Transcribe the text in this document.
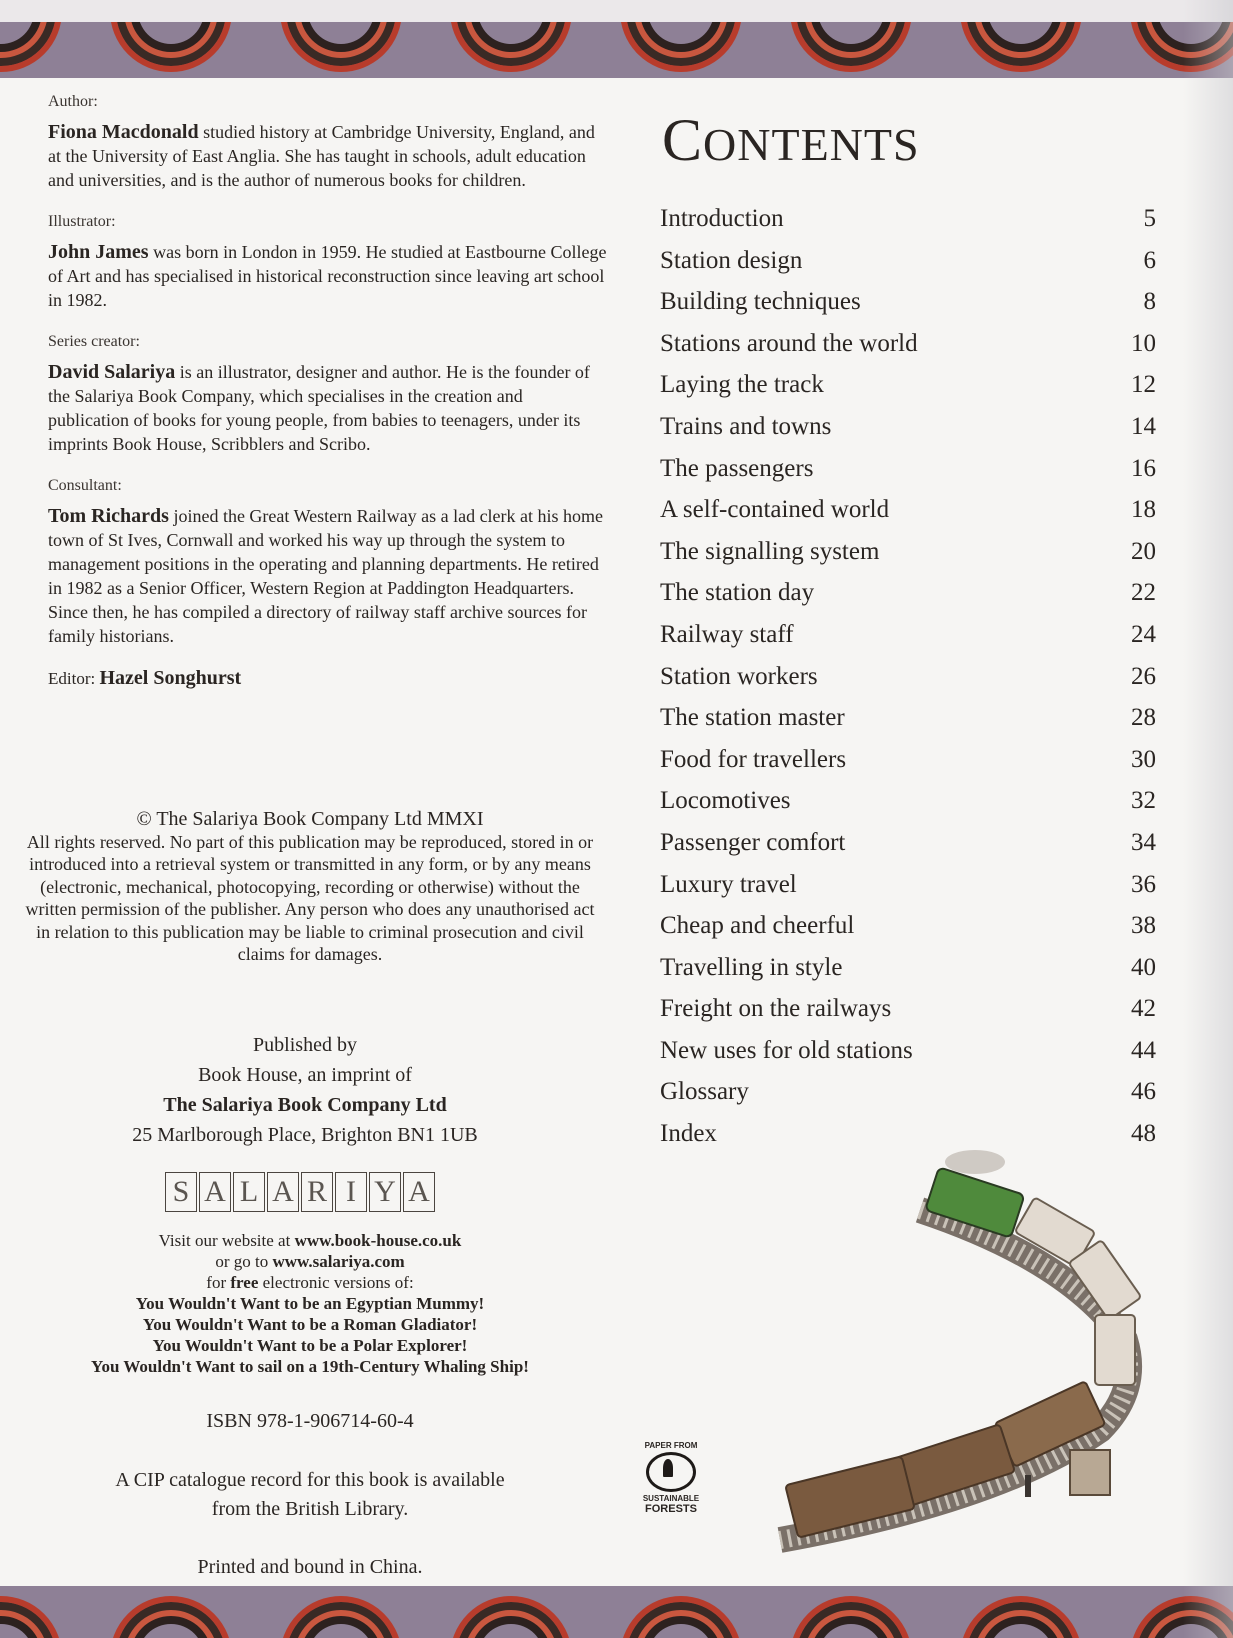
Author:

Fiona Macdonald studied history at Cambridge University, England, and at the University of East Anglia. She has taught in schools, adult education and universities, and is the author of numerous books for children.

Illustrator:

John James was born in London in 1959. He studied at Eastbourne College of Art and has specialised in historical reconstruction since leaving art school in 1982.

Series creator:

David Salariya is an illustrator, designer and author. He is the founder of the Salariya Book Company, which specialises in the creation and publication of books for young people, from babies to teenagers, under its imprints Book House, Scribblers and Scribo.

Consultant:

Tom Richards joined the Great Western Railway as a lad clerk at his home town of St Ives, Cornwall and worked his way up through the system to management positions in the operating and planning departments. He retired in 1982 as a Senior Officer, Western Region at Paddington Headquarters. Since then, he has compiled a directory of railway staff archive sources for family historians.

Editor: Hazel Songhurst

© The Salariya Book Company Ltd MMXI
All rights reserved. No part of this publication may be reproduced, stored in or introduced into a retrieval system or transmitted in any form, or by any means (electronic, mechanical, photocopying, recording or otherwise) without the written permission of the publisher. Any person who does any unauthorised act in relation to this publication may be liable to criminal prosecution and civil claims for damages.
Published by
Book House, an imprint of
The Salariya Book Company Ltd
25 Marlborough Place, Brighton BN1 1UB
S A L A R I Y A
Visit our website at www.book-house.co.uk
or go to www.salariya.com
for free electronic versions of:
You Wouldn't Want to be an Egyptian Mummy!
You Wouldn't Want to be a Roman Gladiator!
You Wouldn't Want to be a Polar Explorer!
You Wouldn't Want to sail on a 19th-Century Whaling Ship!
ISBN 978-1-906714-60-4
A CIP catalogue record for this book is available
from the British Library.
Printed and bound in China.
CONTENTS
Introduction	5
Station design	6
Building techniques	8
Stations around the world	10
Laying the track	12
Trains and towns	14
The passengers	16
A self-contained world	18
The signalling system	20
The station day	22
Railway staff	24
Station workers	26
The station master	28
Food for travellers	30
Locomotives	32
Passenger comfort	34
Luxury travel	36
Cheap and cheerful	38
Travelling in style	40
Freight on the railways	42
New uses for old stations	44
Glossary	46
Index	48
PAPER FROM
SUSTAINABLE
FORESTS
